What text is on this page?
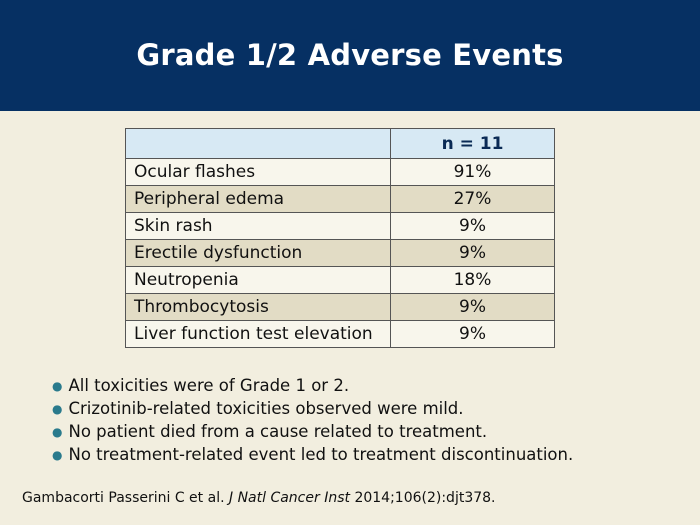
Grade 1/2 Adverse Events
	n = 11
Ocular flashes	91%
Peripheral edema	27%
Skin rash	9%
Erectile dysfunction	9%
Neutropenia	18%
Thrombocytosis	9%
Liver function test elevation	9%
● All toxicities were of Grade 1 or 2.
● Crizotinib-related toxicities observed were mild.
● No patient died from a cause related to treatment.
● No treatment-related event led to treatment discontinuation.
Gambacorti Passerini C et al. J Natl Cancer Inst 2014;106(2):djt378.
